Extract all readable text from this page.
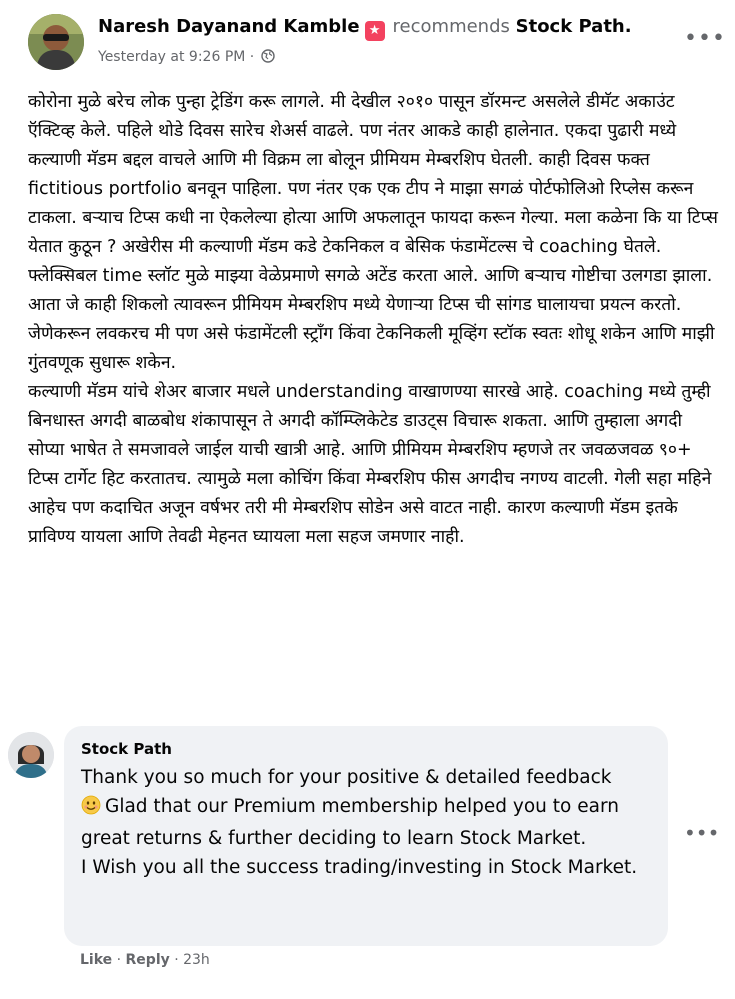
Naresh Dayanand Kamble ★ recommends Stock Path.
Yesterday at 9:26 PM ·
•••

कोरोना मुळे बरेच लोक पुन्हा ट्रेडिंग करू लागले. मी देखील २०१० पासून डॉरमन्ट असलेले डीमॅट अकाउंट ऍक्टिव्ह केले. पहिले थोडे दिवस सारेच शेअर्स वाढले. पण नंतर आकडे काही हालेनात. एकदा पुढारी मध्ये कल्याणी मॅडम बद्दल वाचले आणि मी विक्रम ला बोलून प्रीमियम मेम्बरशिप घेतली. काही दिवस फक्त fictitious portfolio बनवून पाहिला. पण नंतर एक एक टीप ने माझा सगळं पोर्टफोलिओ रिप्लेस करून टाकला. बऱ्याच टिप्स कधी ना ऐकलेल्या होत्या आणि अफलातून फायदा करून गेल्या. मला कळेना कि या टिप्स येतात कुठून ? अखेरीस मी कल्याणी मॅडम कडे टेकनिकल व बेसिक फंडामेंटल्स चे coaching घेतले. फ्लेक्सिबल time स्लॉट मुळे माझ्या वेळेप्रमाणे सगळे अटेंड करता आले. आणि बऱ्याच गोष्टीचा उलगडा झाला. आता जे काही शिकलो त्यावरून प्रीमियम मेम्बरशिप मध्ये येणाऱ्या टिप्स ची सांगड घालायचा प्रयत्न करतो. जेणेकरून लवकरच मी पण असे फंडामेंटली स्ट्रॉंग किंवा टेकनिकली मूव्हिंग स्टॉक स्वतः शोधू शकेन आणि माझी गुंतवणूक सुधारू शकेन.

कल्याणी मॅडम यांचे शेअर बाजार मधले understanding वाखाणण्या सारखे आहे. coaching मध्ये तुम्ही बिनधास्त अगदी बाळबोध शंकापासून ते अगदी कॉम्प्लिकेटेड डाउट्स विचारू शकता. आणि तुम्हाला अगदी सोप्या भाषेत ते समजावले जाईल याची खात्री आहे. आणि प्रीमियम मेम्बरशिप म्हणजे तर जवळजवळ ९०+ टिप्स टार्गेट हिट करतातच. त्यामुळे मला कोचिंग किंवा मेम्बरशिप फीस अगदीच नगण्य वाटली. गेली सहा महिने आहेच पण कदाचित अजून वर्षभर तरी मी मेम्बरशिप सोडेन असे वाटत नाही. कारण कल्याणी मॅडम इतके प्राविण्य यायला आणि तेवढी मेहनत घ्यायला मला सहज जमणार नाही.

Stock Path

Thank you so much for your positive & detailed feedback

Glad that our Premium membership helped you to earn great returns & further deciding to learn Stock Market.

I Wish you all the success trading/investing in Stock Market.

•••
Like · Reply · 23h
